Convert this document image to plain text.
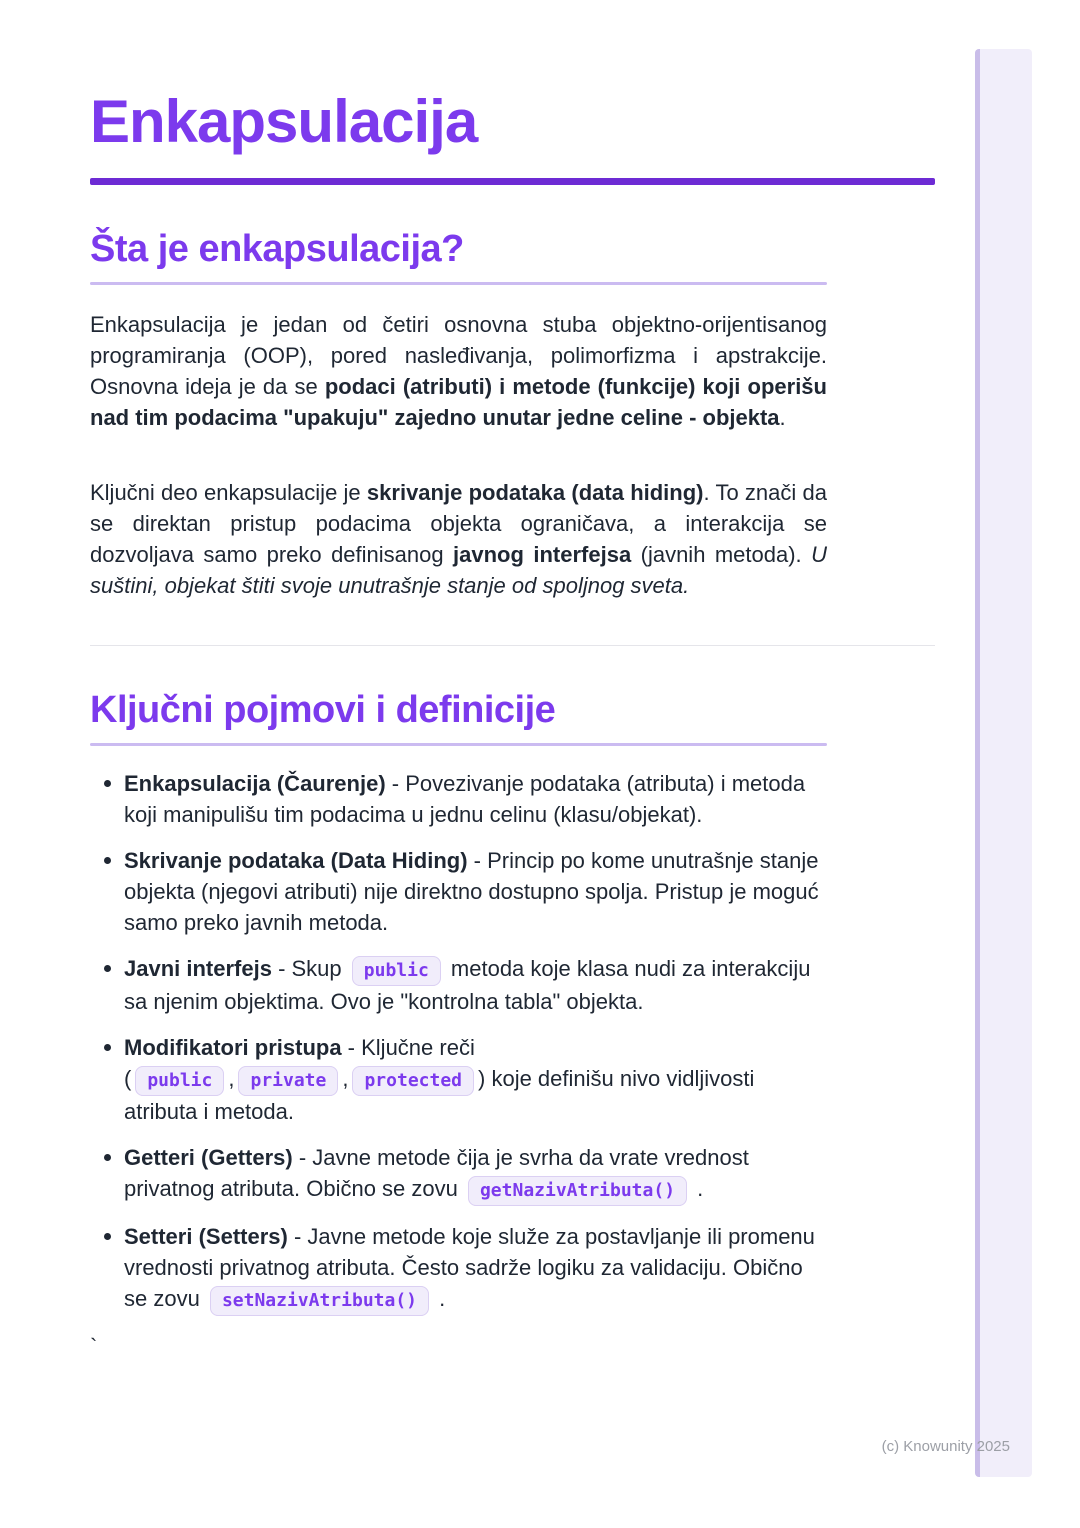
Enkapsulacija
Šta je enkapsulacija?

Enkapsulacija je jedan od četiri osnovna stuba objektno-orijentisanog programiranja (OOP), pored nasleđivanja, polimorfizma i apstrakcije. Osnovna ideja je da se podaci (atributi) i metode (funkcije) koji operišu nad tim podacima "upakuju" zajedno unutar jedne celine - objekta.

Ključni deo enkapsulacije je skrivanje podataka (data hiding). To znači da se direktan pristup podacima objekta ograničava, a interakcija se dozvoljava samo preko definisanog javnog interfejsa (javnih metoda). U suštini, objekat štiti svoje unutrašnje stanje od spoljnog sveta.

Ključni pojmovi i definicije
Enkapsulacija (Čaurenje) - Povezivanje podataka (atributa) i metoda koji manipulišu tim podacima u jednu celinu (klasu/objekat).
Skrivanje podataka (Data Hiding) - Princip po kome unutrašnje stanje objekta (njegovi atributi) nije direktno dostupno spolja. Pristup je moguć samo preko javnih metoda.
Javni interfejs - Skup public metoda koje klasa nudi za interakciju sa njenim objektima. Ovo je "kontrolna tabla" objekta.
Modifikatori pristupa - Ključne reči ( public , private , protected ) koje definišu nivo vidljivosti atributa i metoda.
Getteri (Getters) - Javne metode čija je svrha da vrate vrednost privatnog atributa. Obično se zovu getNazivAtributa() .
Setteri (Setters) - Javne metode koje služe za postavljanje ili promenu vrednosti privatnog atributa. Često sadrže logiku za validaciju. Obično se zovu setNazivAtributa() .
`
(c) Knowunity 2025
